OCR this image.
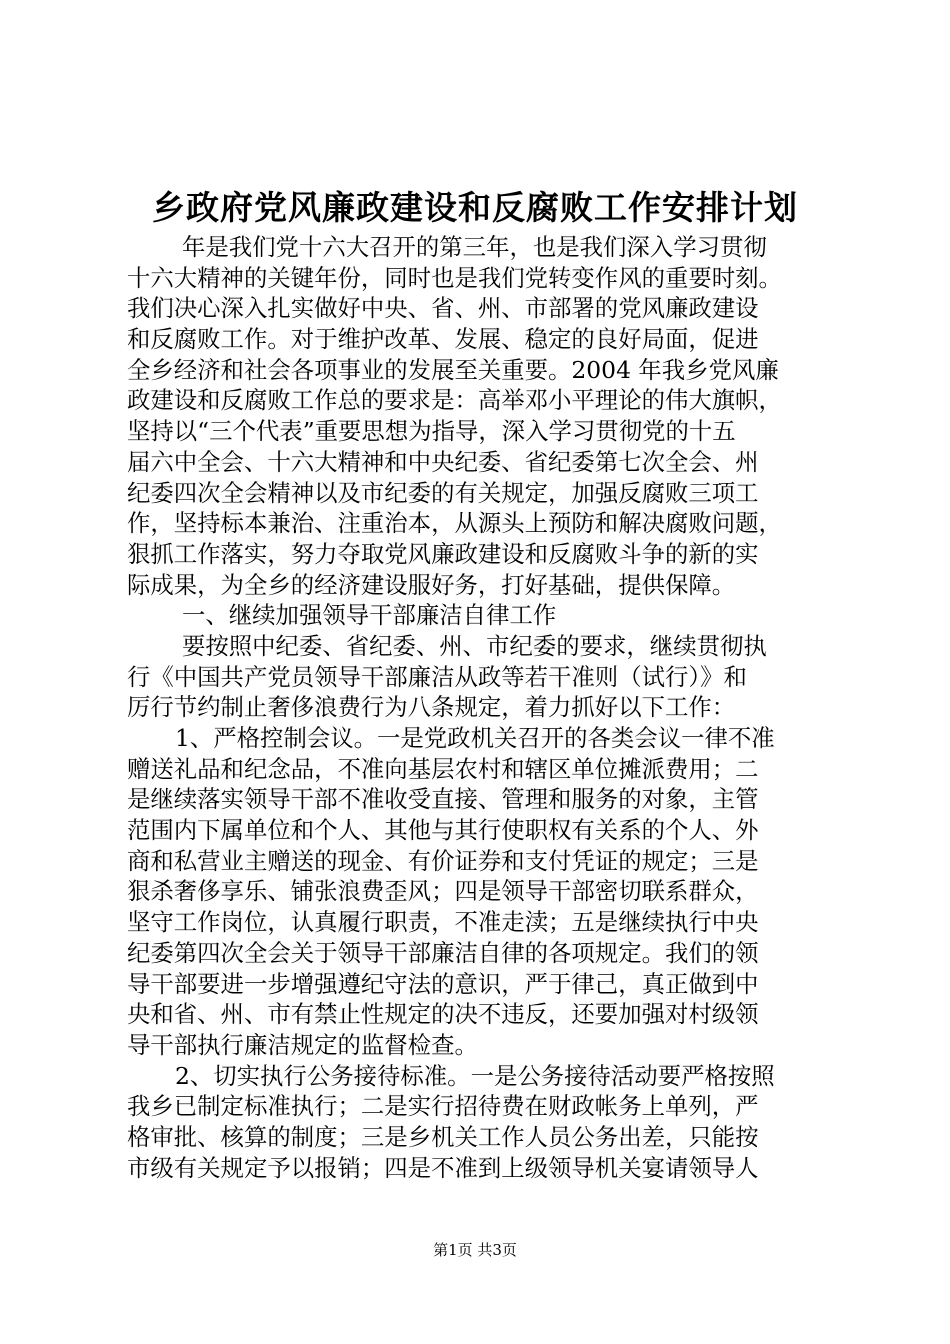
乡政府党风廉政建设和反腐败工作安排计划
年是我们党十六大召开的第三年，也是我们深入学习贯彻
十六大精神的关键年份，同时也是我们党转变作风的重要时刻。
我们决心深入扎实做好中央、省、州、市部署的党风廉政建设
和反腐败工作。对于维护改革、发展、稳定的良好局面，促进
全乡经济和社会各项事业的发展至关重要。2004 年我乡党风廉
政建设和反腐败工作总的要求是：高举邓小平理论的伟大旗帜，
坚持以“三个代表”重要思想为指导，深入学习贯彻党的十五
届六中全会、十六大精神和中央纪委、省纪委第七次全会、州
纪委四次全会精神以及市纪委的有关规定，加强反腐败三项工
作，坚持标本兼治、注重治本，从源头上预防和解决腐败问题，
狠抓工作落实，努力夺取党风廉政建设和反腐败斗争的新的实
际成果，为全乡的经济建设服好务，打好基础，提供保障。
一、继续加强领导干部廉洁自律工作
要按照中纪委、省纪委、州、市纪委的要求，继续贯彻执
行《中国共产党员领导干部廉洁从政等若干准则（试行）》和
厉行节约制止奢侈浪费行为八条规定，着力抓好以下工作：
1、严格控制会议。一是党政机关召开的各类会议一律不准
赠送礼品和纪念品，不准向基层农村和辖区单位摊派费用；二
是继续落实领导干部不准收受直接、管理和服务的对象，主管
范围内下属单位和个人、其他与其行使职权有关系的个人、外
商和私营业主赠送的现金、有价证券和支付凭证的规定；三是
狠杀奢侈享乐、铺张浪费歪风；四是领导干部密切联系群众，
坚守工作岗位，认真履行职责，不准走渎；五是继续执行中央
纪委第四次全会关于领导干部廉洁自律的各项规定。我们的领
导干部要进一步增强遵纪守法的意识，严于律己，真正做到中
央和省、州、市有禁止性规定的决不违反，还要加强对村级领
导干部执行廉洁规定的监督检查。
2、切实执行公务接待标准。一是公务接待活动要严格按照
我乡已制定标准执行；二是实行招待费在财政帐务上单列，严
格审批、核算的制度；三是乡机关工作人员公务出差，只能按
市级有关规定予以报销；四是不准到上级领导机关宴请领导人
第1页 共3页
